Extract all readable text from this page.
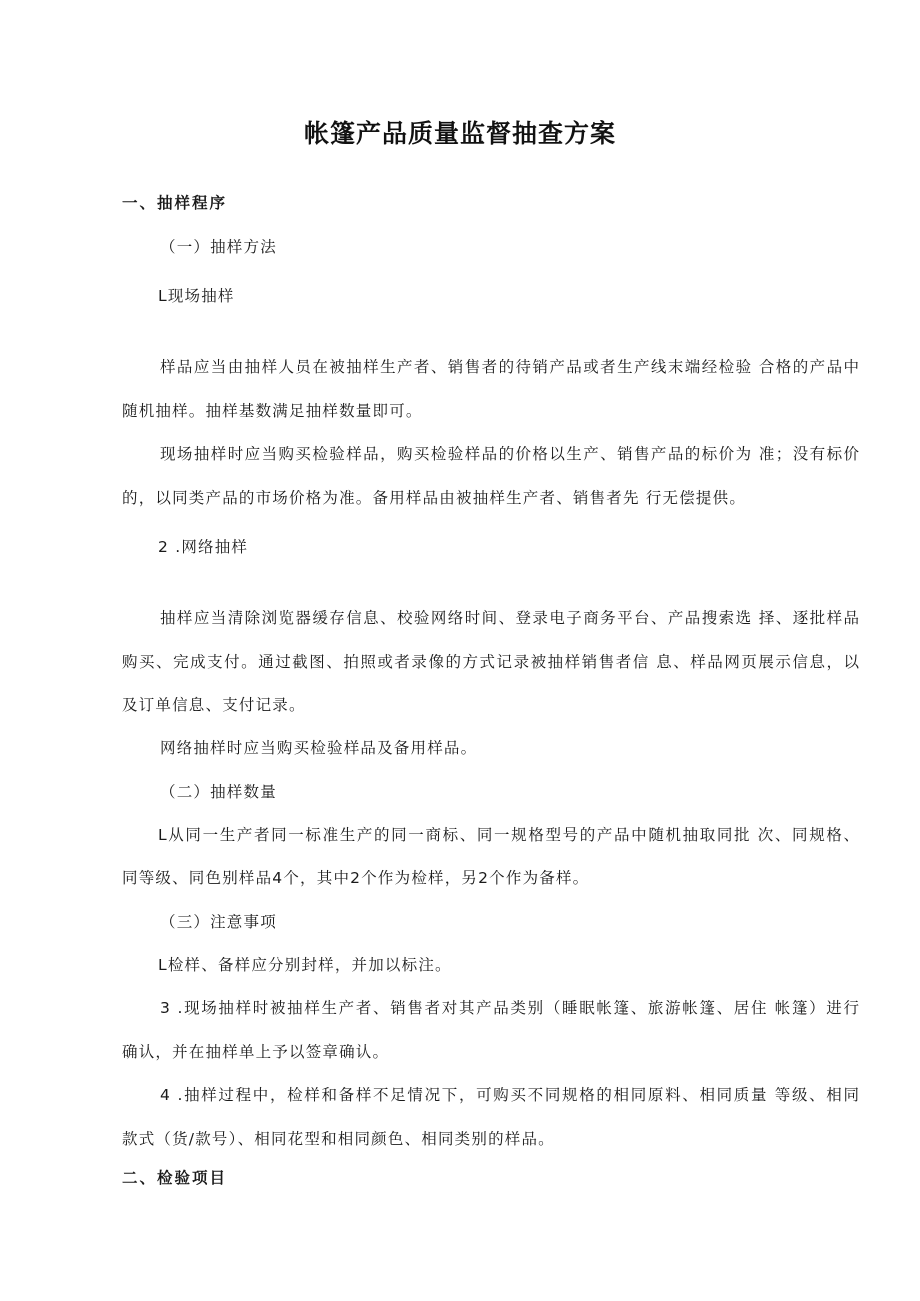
帐篷产品质量监督抽查方案
一、抽样程序
（一）抽样方法
L现场抽样
样品应当由抽样人员在被抽样生产者、销售者的待销产品或者生产线末端经检验 合格的产品中
随机抽样。抽样基数满足抽样数量即可。
现场抽样时应当购买检验样品，购买检验样品的价格以生产、销售产品的标价为 准；没有标价
的，以同类产品的市场价格为准。备用样品由被抽样生产者、销售者先 行无偿提供。
2 .网络抽样
抽样应当清除浏览器缓存信息、校验网络时间、登录电子商务平台、产品搜索选 择、逐批样品
购买、完成支付。通过截图、拍照或者录像的方式记录被抽样销售者信 息、样品网页展示信息，以
及订单信息、支付记录。
网络抽样时应当购买检验样品及备用样品。
（二）抽样数量
L从同一生产者同一标准生产的同一商标、同一规格型号的产品中随机抽取同批 次、同规格、
同等级、同色别样品4个，其中2个作为检样，另2个作为备样。
（三）注意事项
L检样、备样应分别封样，并加以标注。
3 .现场抽样时被抽样生产者、销售者对其产品类别（睡眠帐篷、旅游帐篷、居住 帐篷）进行
确认，并在抽样单上予以签章确认。
4 .抽样过程中，检样和备样不足情况下，可购买不同规格的相同原料、相同质量 等级、相同
款式（货/款号）、相同花型和相同颜色、相同类别的样品。
二、检验项目
